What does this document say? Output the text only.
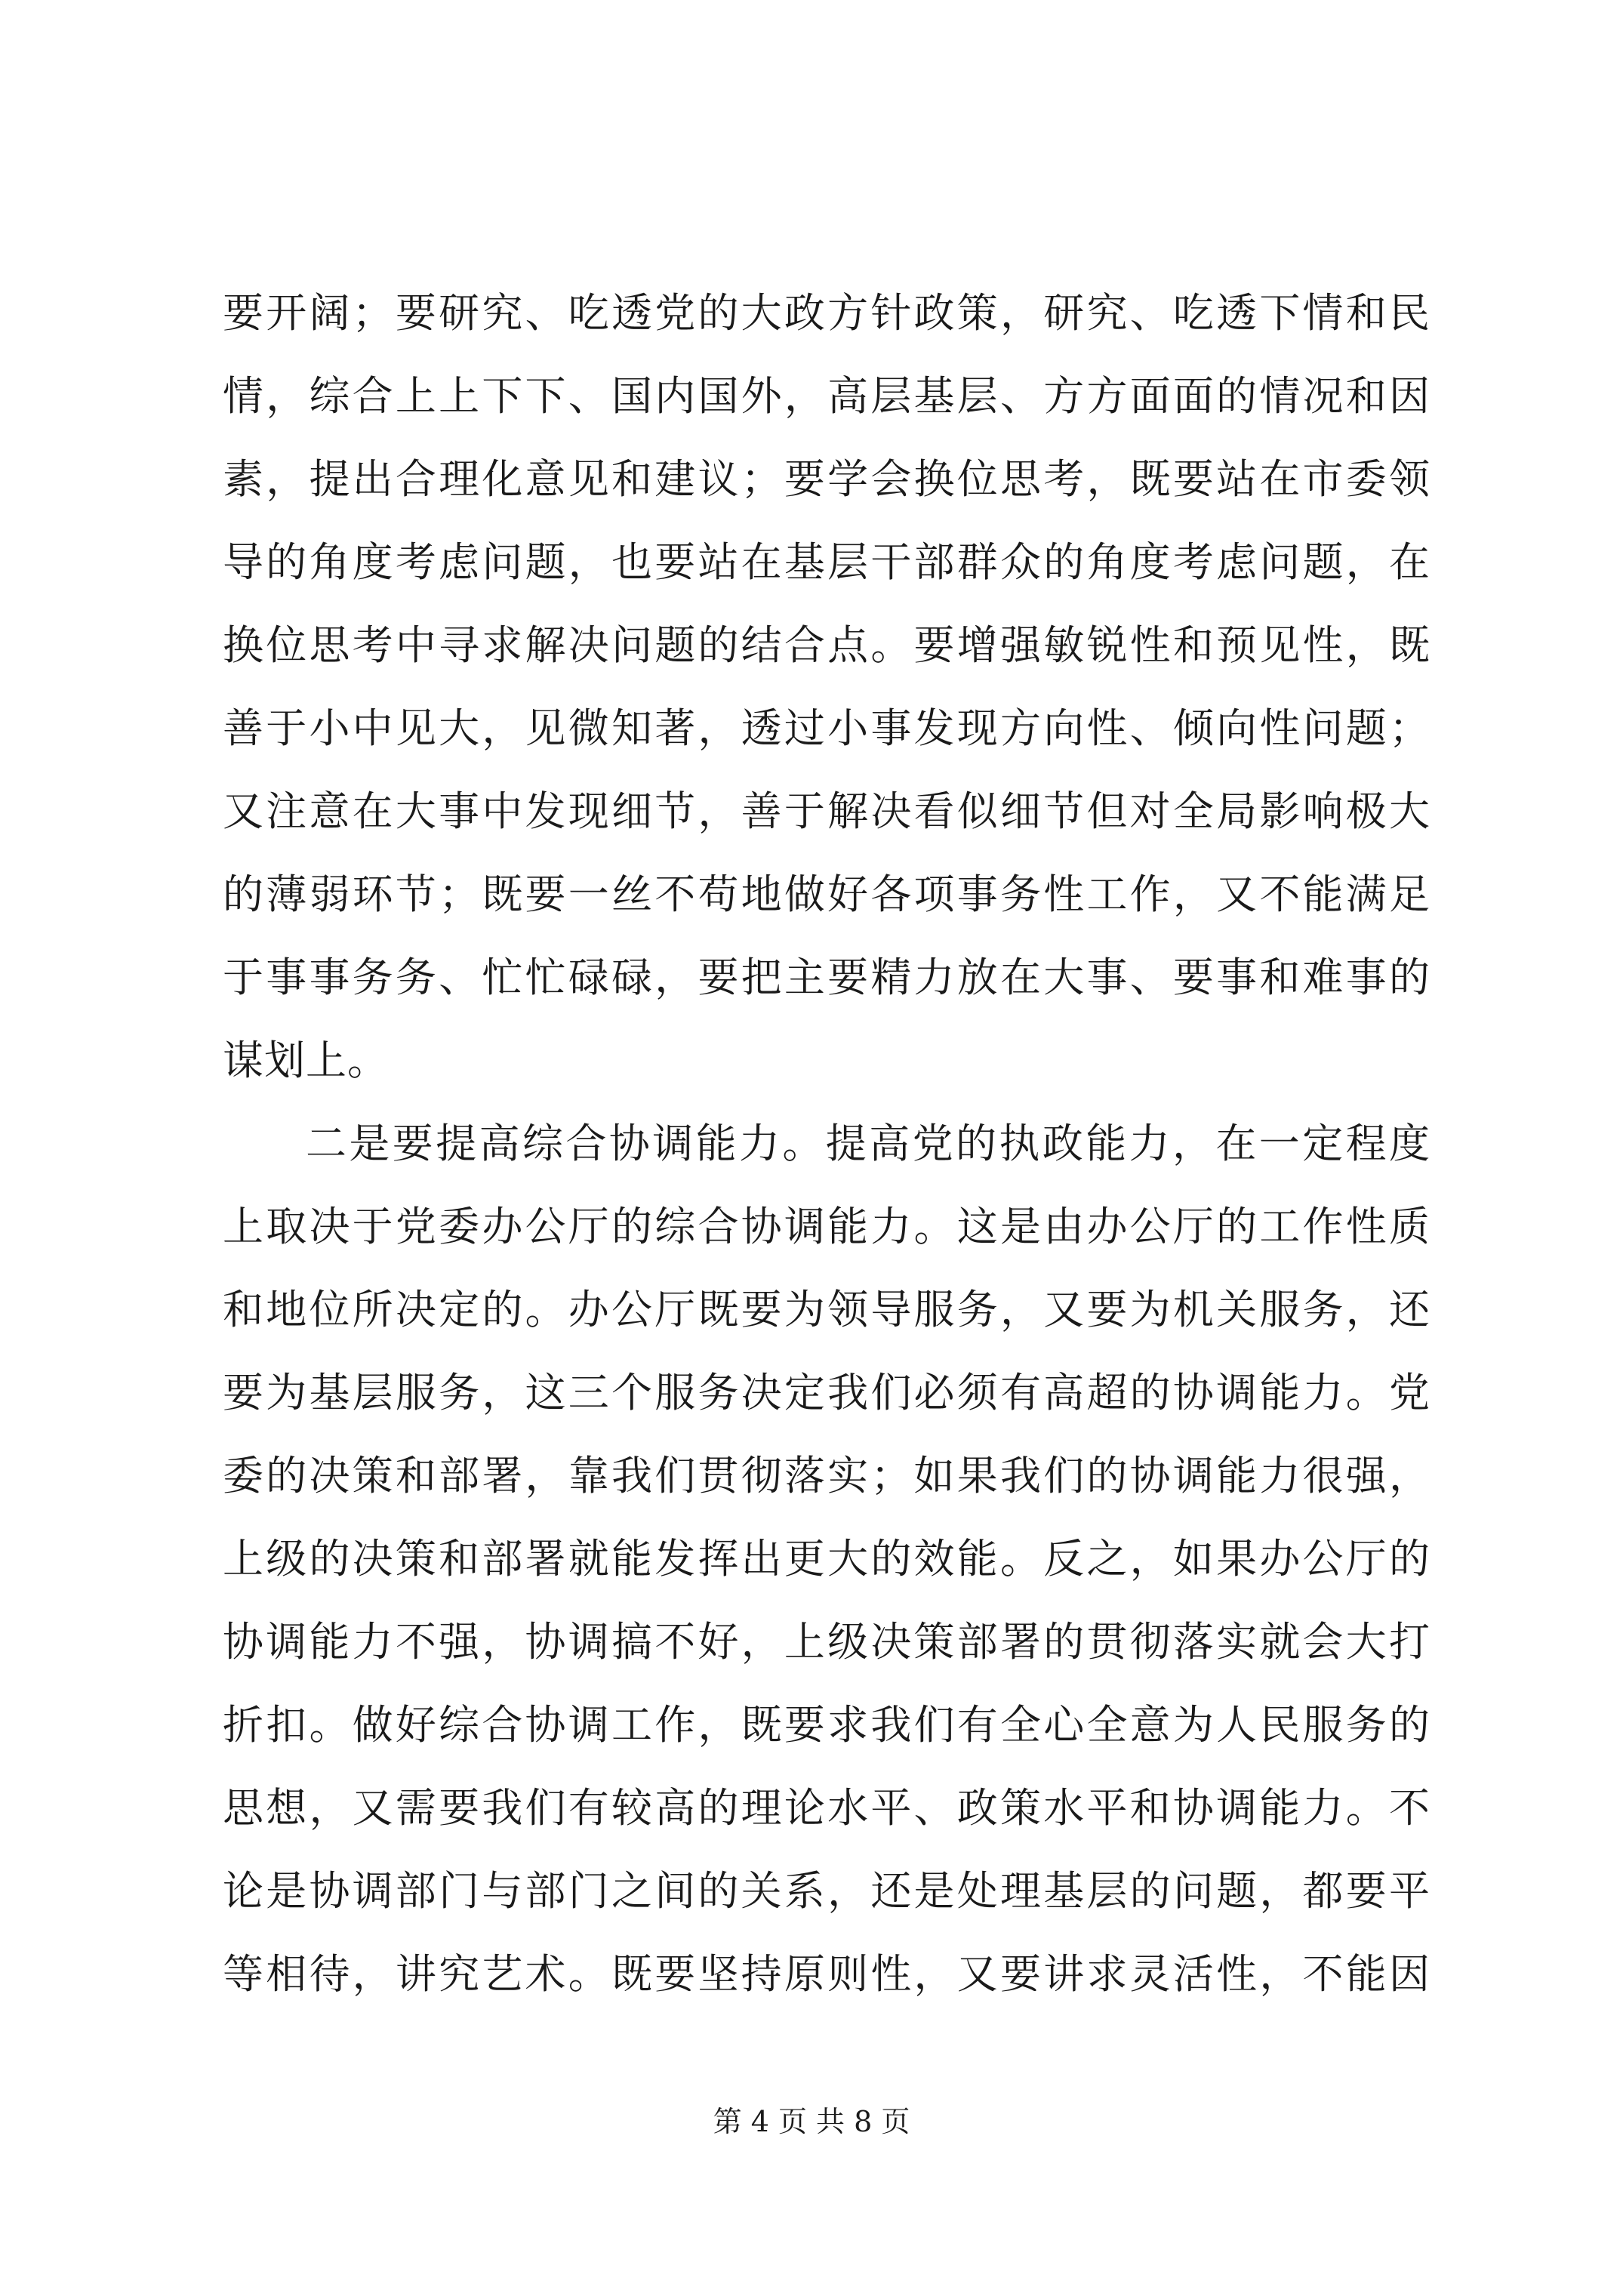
要开阔；要研究、吃透党的大政方针政策，研究、吃透下情和民
情，综合上上下下、国内国外，高层基层、方方面面的情况和因
素，提出合理化意见和建议；要学会换位思考，既要站在市委领
导的角度考虑问题，也要站在基层干部群众的角度考虑问题，在
换位思考中寻求解决问题的结合点。要增强敏锐性和预见性，既
善于小中见大，见微知著，透过小事发现方向性、倾向性问题；
又注意在大事中发现细节，善于解决看似细节但对全局影响极大
的薄弱环节；既要一丝不苟地做好各项事务性工作，又不能满足
于事事务务、忙忙碌碌，要把主要精力放在大事、要事和难事的
谋划上。
二是要提高综合协调能力。提高党的执政能力，在一定程度
上取决于党委办公厅的综合协调能力。这是由办公厅的工作性质
和地位所决定的。办公厅既要为领导服务，又要为机关服务，还
要为基层服务，这三个服务决定我们必须有高超的协调能力。党
委的决策和部署，靠我们贯彻落实；如果我们的协调能力很强，
上级的决策和部署就能发挥出更大的效能。反之，如果办公厅的
协调能力不强，协调搞不好，上级决策部署的贯彻落实就会大打
折扣。做好综合协调工作，既要求我们有全心全意为人民服务的
思想，又需要我们有较高的理论水平、政策水平和协调能力。不
论是协调部门与部门之间的关系，还是处理基层的问题，都要平
等相待，讲究艺术。既要坚持原则性，又要讲求灵活性，不能因
第 4 页 共 8 页
